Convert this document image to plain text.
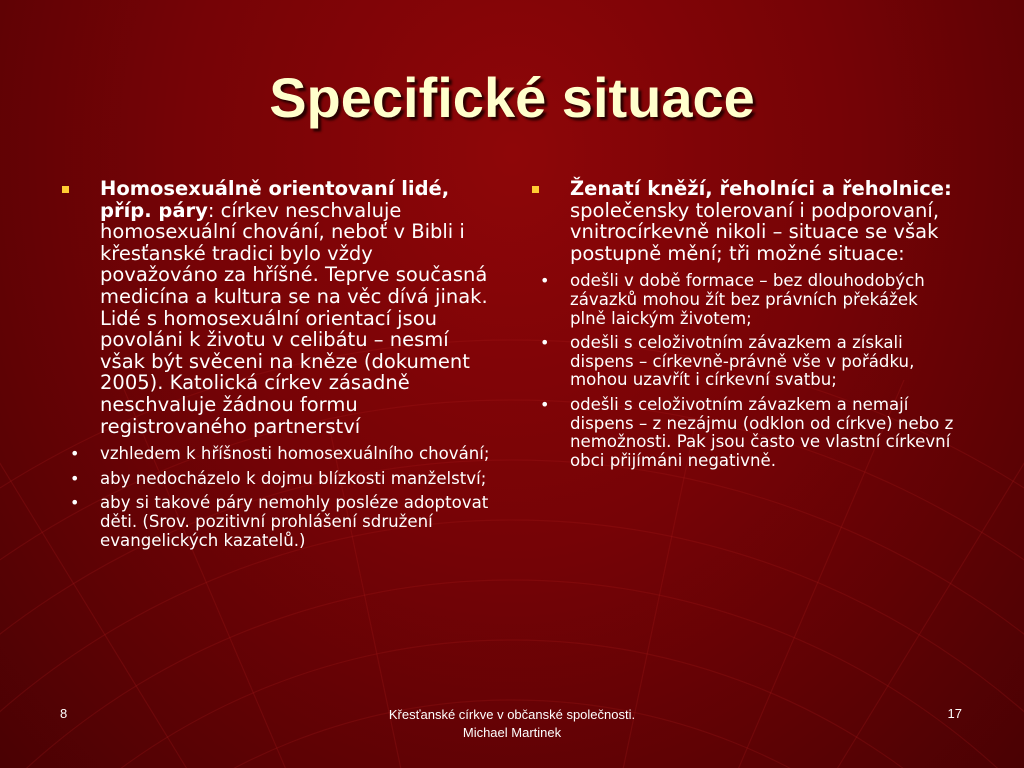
Specifické situace
Homosexuálně orientovaní lidé, příp. páry: církev neschvaluje homosexuální chování, neboť v Bibli i křesťanské tradici bylo vždy považováno za hříšné. Teprve současná medicína a kultura se na věc dívá jinak. Lidé s homosexuální orientací jsou povoláni k životu v celibátu – nesmí však být svěceni na kněze (dokument 2005). Katolická církev zásadně neschvaluje žádnou formu registrovaného partnerství
• vzhledem k hříšnosti homosexuálního chování;
• aby nedocházelo k dojmu blízkosti manželství;
• aby si takové páry nemohly posléze adoptovat děti. (Srov. pozitivní prohlášení sdružení evangelických kazatelů.)
Ženatí kněží, řeholníci a řeholnice: společensky tolerovaní i podporovaní, vnitrocírkevně nikoli – situace se však postupně mění; tři možné situace:
• odešli v době formace – bez dlouhodobých závazků mohou žít bez právních překážek plně laickým životem;
• odešli s celoživotním závazkem a získali dispens – církevně-právně vše v pořádku, mohou uzavřít i církevní svatbu;
• odešli s celoživotním závazkem a nemají dispens – z nezájmu (odklon od církve) nebo z nemožnosti. Pak jsou často ve vlastní církevní obci přijímáni negativně.
8	Křesťanské církve v občanské společnosti.
Michael Martinek
17
